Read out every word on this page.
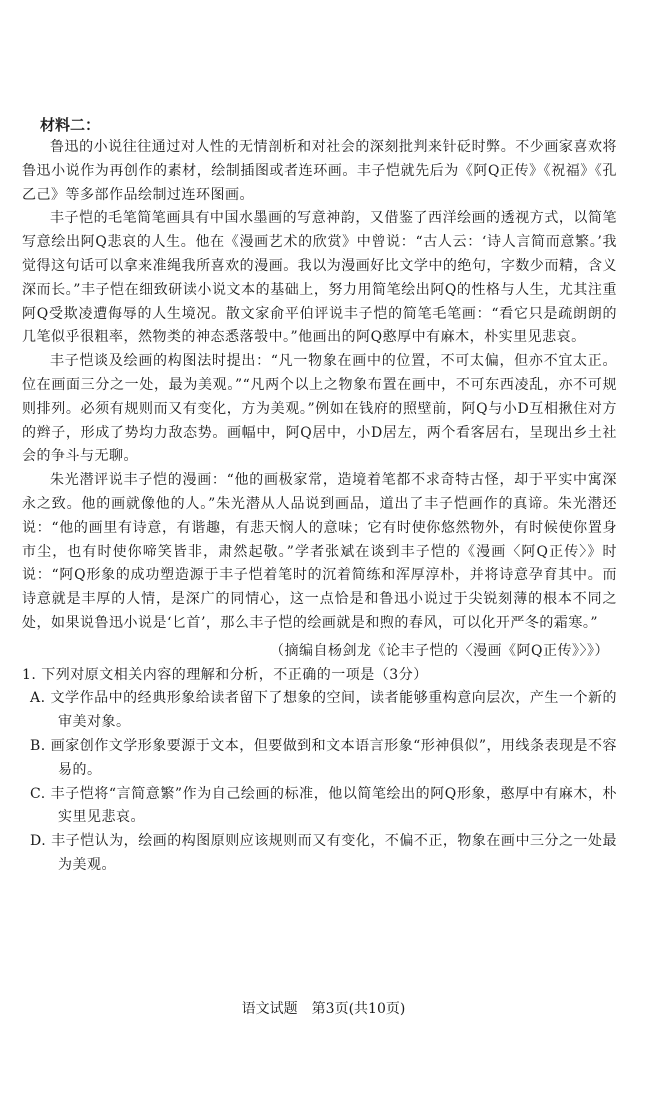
材料二：

鲁迅的小说往往通过对人性的无情剖析和对社会的深刻批判来针砭时弊。不少画家喜欢将鲁迅小说作为再创作的素材，绘制插图或者连环画。丰子恺就先后为《阿Q正传》《祝福》《孔乙己》等多部作品绘制过连环图画。

丰子恺的毛笔简笔画具有中国水墨画的写意神韵，又借鉴了西洋绘画的透视方式，以简笔写意绘出阿Q悲哀的人生。他在《漫画艺术的欣赏》中曾说：“古人云：‘诗人言简而意繁。’我觉得这句话可以拿来准绳我所喜欢的漫画。我以为漫画好比文学中的绝句，字数少而精，含义深而长。”丰子恺在细致研读小说文本的基础上，努力用简笔绘出阿Q的性格与人生，尤其注重阿Q受欺凌遭侮辱的人生境况。散文家俞平伯评说丰子恺的简笔毛笔画：“看它只是疏朗朗的几笔似乎很粗率，然物类的神态悉落彀中。”他画出的阿Q憨厚中有麻木，朴实里见悲哀。

丰子恺谈及绘画的构图法时提出：“凡一物象在画中的位置，不可太偏，但亦不宜太正。位在画面三分之一处，最为美观。”“凡两个以上之物象布置在画中，不可东西凌乱，亦不可规则排列。必须有规则而又有变化，方为美观。”例如在钱府的照壁前，阿Q与小D互相揪住对方的辫子，形成了势均力敌态势。画幅中，阿Q居中，小D居左，两个看客居右，呈现出乡土社会的争斗与无聊。

朱光潜评说丰子恺的漫画：“他的画极家常，造境着笔都不求奇特古怪，却于平实中寓深永之致。他的画就像他的人。”朱光潜从人品说到画品，道出了丰子恺画作的真谛。朱光潜还说：“他的画里有诗意，有谐趣，有悲天悯人的意味；它有时使你悠然物外，有时候使你置身市尘，也有时使你啼笑皆非，肃然起敬。”学者张斌在谈到丰子恺的《漫画〈阿Q正传〉》时说：“阿Q形象的成功塑造源于丰子恺着笔时的沉着简练和浑厚淳朴，并将诗意孕育其中。而诗意就是丰厚的人情，是深广的同情心，这一点恰是和鲁迅小说过于尖锐刻薄的根本不同之处，如果说鲁迅小说是‘匕首’，那么丰子恺的绘画就是和煦的春风，可以化开严冬的霜寒。”

（摘编自杨剑龙《论丰子恺的〈漫画《阿Q正传》〉》）

1. 下列对原文相关内容的理解和分析，不正确的一项是（3分）

A. 文学作品中的经典形象给读者留下了想象的空间，读者能够重构意向层次，产生一个新的审美对象。

B. 画家创作文学形象要源于文本，但要做到和文本语言形象“形神俱似”，用线条表现是不容易的。

C. 丰子恺将“言简意繁”作为自己绘画的标准，他以简笔绘出的阿Q形象，憨厚中有麻木，朴实里见悲哀。

D. 丰子恺认为，绘画的构图原则应该规则而又有变化，不偏不正，物象在画中三分之一处最为美观。

语文试题　第3页(共10页)
